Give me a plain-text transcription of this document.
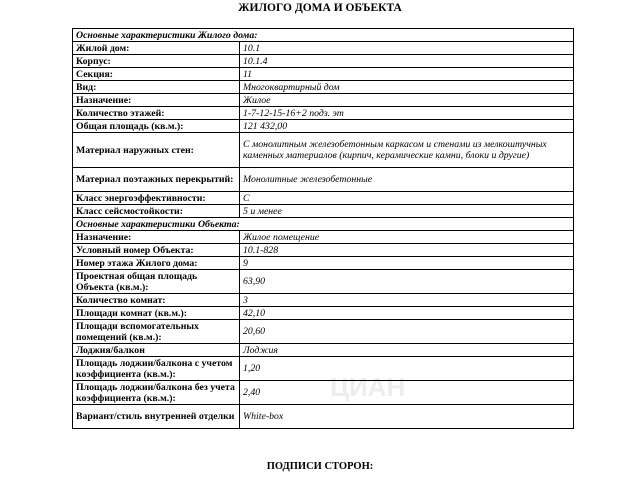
ЖИЛОГО ДОМА И ОБЪЕКТА
Основные характеристики Жилого дома:	
Жилой дом:	10.1
Корпус:	10.1.4
Секция:	11
Вид:	Многоквартирный дом
Назначение:	Жилое
Количество этажей:	1-7-12-15-16+2 подз. эт
Общая площадь (кв.м.):	121 432,00
Материал наружных стен:	С монолитным железобетонным каркасом и стенами из мелкоштучных каменных материалов (кирпич, керамические камни, блоки и другие)
Материал поэтажных перекрытий:	Монолитные железобетонные
Класс энергоэффективности:	С
Класс сейсмостойкости:	5 и менее
Основные характеристики Объекта:	
Назначение:	Жилое помещение
Условный номер Объекта:	10.1-828
Номер этажа Жилого дома:	9
Проектная общая площадь Объекта (кв.м.):	63,90
Количество комнат:	3
Площади комнат (кв.м.):	42,10
Площади вспомогательных помещений (кв.м.):	20,60
Лоджия/балкон	Лоджия
Площадь лоджии/балкона с учетом коэффициента (кв.м.):	1,20
Площадь лоджии/балкона без учета коэффициента (кв.м.):	2,40
Вариант/стиль внутренней отделки	White-box
ЦИАН
ПОДПИСИ СТОРОН:
